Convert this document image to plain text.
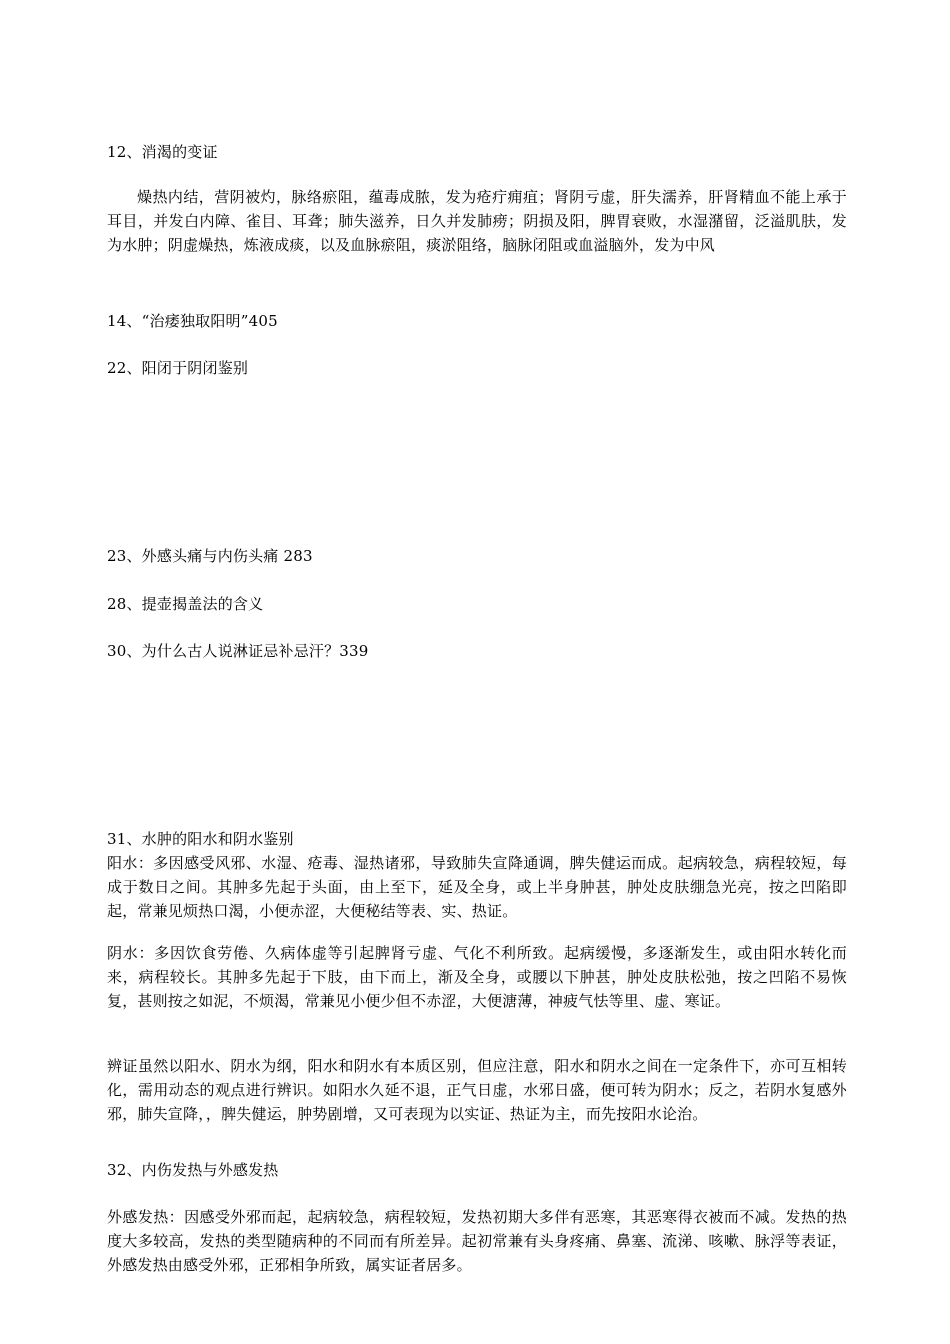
12、消渴的变证

燥热内结，营阴被灼，脉络瘀阻，蕴毒成脓，发为疮疔痈疽；肾阴亏虚，肝失濡养，肝肾精血不能上承于耳目，并发白内障、雀目、耳聋；肺失滋养，日久并发肺痨；阴损及阳，脾胃衰败，水湿潴留，泛溢肌肤，发为水肿；阴虚燥热，炼液成痰，以及血脉瘀阻，痰淤阻络，脑脉闭阻或血溢脑外，发为中风

14、“治痿独取阳明”405

22、阳闭于阴闭鉴别

23、外感头痛与内伤头痛 283

28、提壶揭盖法的含义

30、为什么古人说淋证忌补忌汗？339

31、水肿的阳水和阴水鉴别

阳水：多因感受风邪、水湿、疮毒、湿热诸邪，导致肺失宣降通调，脾失健运而成。起病较急，病程较短，每成于数日之间。其肿多先起于头面，由上至下，延及全身，或上半身肿甚，肿处皮肤绷急光亮，按之凹陷即起，常兼见烦热口渴，小便赤涩，大便秘结等表、实、热证。

阴水：多因饮食劳倦、久病体虚等引起脾肾亏虚、气化不利所致。起病缓慢，多逐渐发生，或由阳水转化而来，病程较长。其肿多先起于下肢，由下而上，渐及全身，或腰以下肿甚，肿处皮肤松弛，按之凹陷不易恢复，甚则按之如泥，不烦渴，常兼见小便少但不赤涩，大便溏薄，神疲气怯等里、虚、寒证。

辨证虽然以阳水、阴水为纲，阳水和阴水有本质区别，但应注意，阳水和阴水之间在一定条件下，亦可互相转化，需用动态的观点进行辨识。如阳水久延不退，正气日虚，水邪日盛，便可转为阴水；反之，若阴水复感外邪，肺失宣降，，脾失健运，肿势剧增，又可表现为以实证、热证为主，而先按阳水论治。

32、内伤发热与外感发热

外感发热：因感受外邪而起，起病较急，病程较短，发热初期大多伴有恶寒，其恶寒得衣被而不减。发热的热度大多较高，发热的类型随病种的不同而有所差异。起初常兼有头身疼痛、鼻塞、流涕、咳嗽、脉浮等表证，外感发热由感受外邪，正邪相争所致，属实证者居多。
